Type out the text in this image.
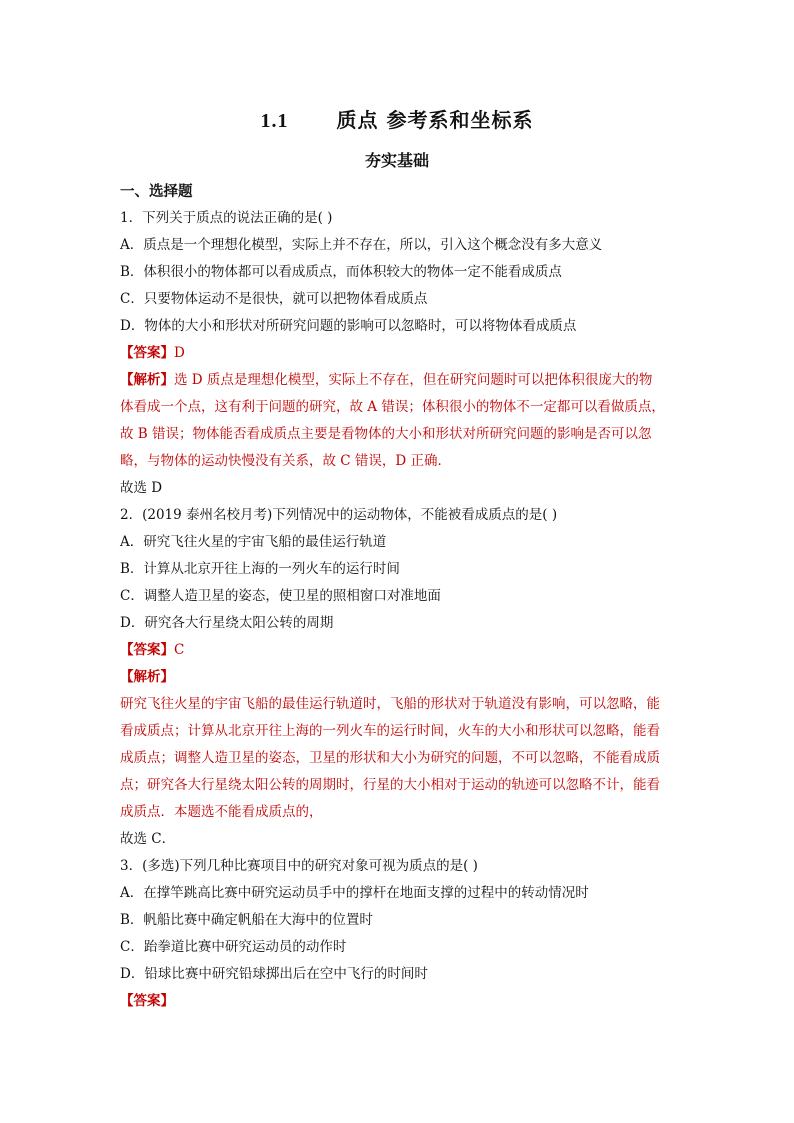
1.1 质点 参考系和坐标系
夯实基础
一、选择题
1．下列关于质点的说法正确的是( )
A．质点是一个理想化模型，实际上并不存在，所以，引入这个概念没有多大意义
B．体积很小的物体都可以看成质点，而体积较大的物体一定不能看成质点
C．只要物体运动不是很快，就可以把物体看成质点
D．物体的大小和形状对所研究问题的影响可以忽略时，可以将物体看成质点
【答案】D
【解析】选 D 质点是理想化模型，实际上不存在，但在研究问题时可以把体积很庞大的物
体看成一个点，这有利于问题的研究，故 A 错误；体积很小的物体不一定都可以看做质点，
故 B 错误；物体能否看成质点主要是看物体的大小和形状对所研究问题的影响是否可以忽
略，与物体的运动快慢没有关系，故 C 错误，D 正确．
故选 D
2．(2019 泰州名校月考)下列情况中的运动物体，不能被看成质点的是( )
A．研究飞往火星的宇宙飞船的最佳运行轨道
B．计算从北京开往上海的一列火车的运行时间
C．调整人造卫星的姿态，使卫星的照相窗口对准地面
D．研究各大行星绕太阳公转的周期
【答案】C
【解析】
研究飞往火星的宇宙飞船的最佳运行轨道时，飞船的形状对于轨道没有影响，可以忽略，能
看成质点；计算从北京开往上海的一列火车的运行时间，火车的大小和形状可以忽略，能看
成质点；调整人造卫星的姿态，卫星的形状和大小为研究的问题，不可以忽略，不能看成质
点；研究各大行星绕太阳公转的周期时，行星的大小相对于运动的轨迹可以忽略不计，能看
成质点．本题选不能看成质点的，
故选 C．
3．(多选)下列几种比赛项目中的研究对象可视为质点的是( )
A．在撑竿跳高比赛中研究运动员手中的撑杆在地面支撑的过程中的转动情况时
B．帆船比赛中确定帆船在大海中的位置时
C．跆拳道比赛中研究运动员的动作时
D．铅球比赛中研究铅球掷出后在空中飞行的时间时
【答案】
